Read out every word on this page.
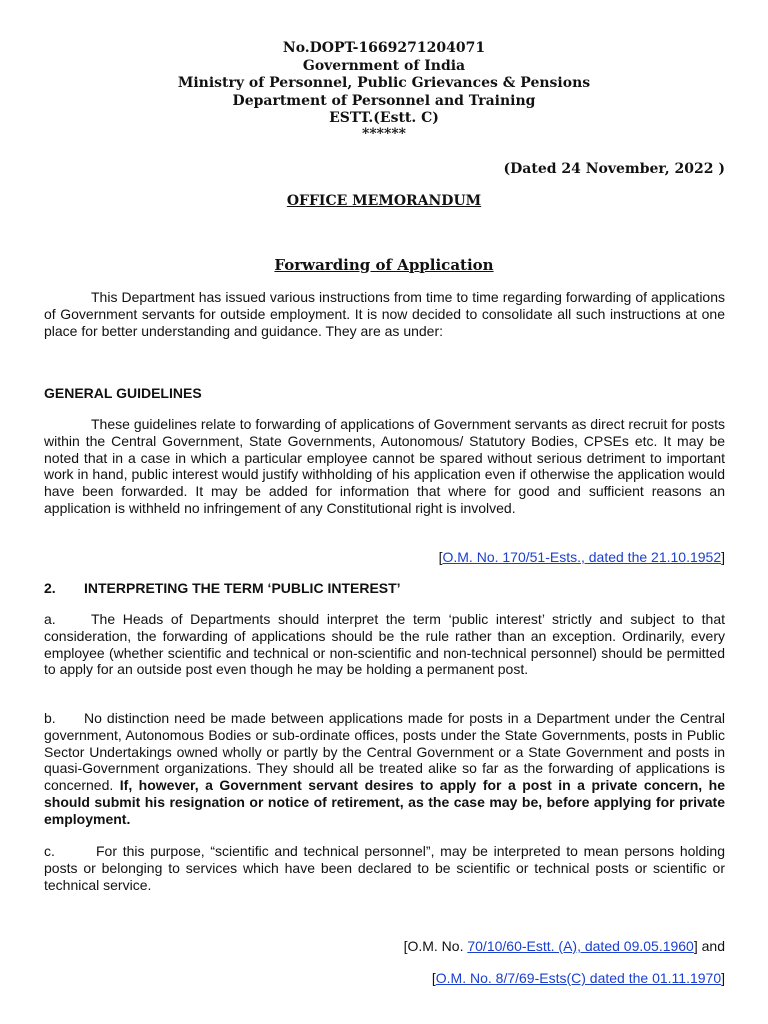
No.DOPT-1669271204071
Government of India
Ministry of Personnel, Public Grievances & Pensions
Department of Personnel and Training
ESTT.(Estt. C)
******
(Dated 24 November, 2022 )
OFFICE MEMORANDUM
Forwarding of Application

This Department has issued various instructions from time to time regarding forwarding of applications of Government servants for outside employment. It is now decided to consolidate all such instructions at one place for better understanding and guidance. They are as under:

GENERAL GUIDELINES

These guidelines relate to forwarding of applications of Government servants as direct recruit for posts within the Central Government, State Governments, Autonomous/ Statutory Bodies, CPSEs etc. It may be noted that in a case in which a particular employee cannot be spared without serious detriment to important work in hand, public interest would justify withholding of his application even if otherwise the application would have been forwarded. It may be added for information that where for good and sufficient reasons an application is withheld no infringement of any Constitutional right is involved.

[O.M. No. 170/51-Ests., dated the 21.10.1952]

2. INTERPRETING THE TERM ‘PUBLIC INTEREST’

a.	The Heads of Departments should interpret the term ‘public interest’ strictly and subject to that consideration, the forwarding of applications should be the rule rather than an exception. Ordinarily, every employee (whether scientific and technical or non-scientific and non-technical personnel) should be permitted to apply for an outside post even though he may be holding a permanent post.

b. No distinction need be made between applications made for posts in a Department under the Central government, Autonomous Bodies or sub-ordinate offices, posts under the State Governments, posts in Public Sector Undertakings owned wholly or partly by the Central Government or a State Government and posts in quasi-Government organizations. They should all be treated alike so far as the forwarding of applications is concerned. If, however, a Government servant desires to apply for a post in a private concern, he should submit his resignation or notice of retirement, as the case may be, before applying for private employment.

c.	For this purpose, “scientific and technical personnel”, may be interpreted to mean persons holding posts or belonging to services which have been declared to be scientific or technical posts or scientific or technical service.

[O.M. No. 70/10/60-Estt. (A), dated 09.05.1960] and

[O.M. No. 8/7/69-Ests(C) dated the 01.11.1970]
